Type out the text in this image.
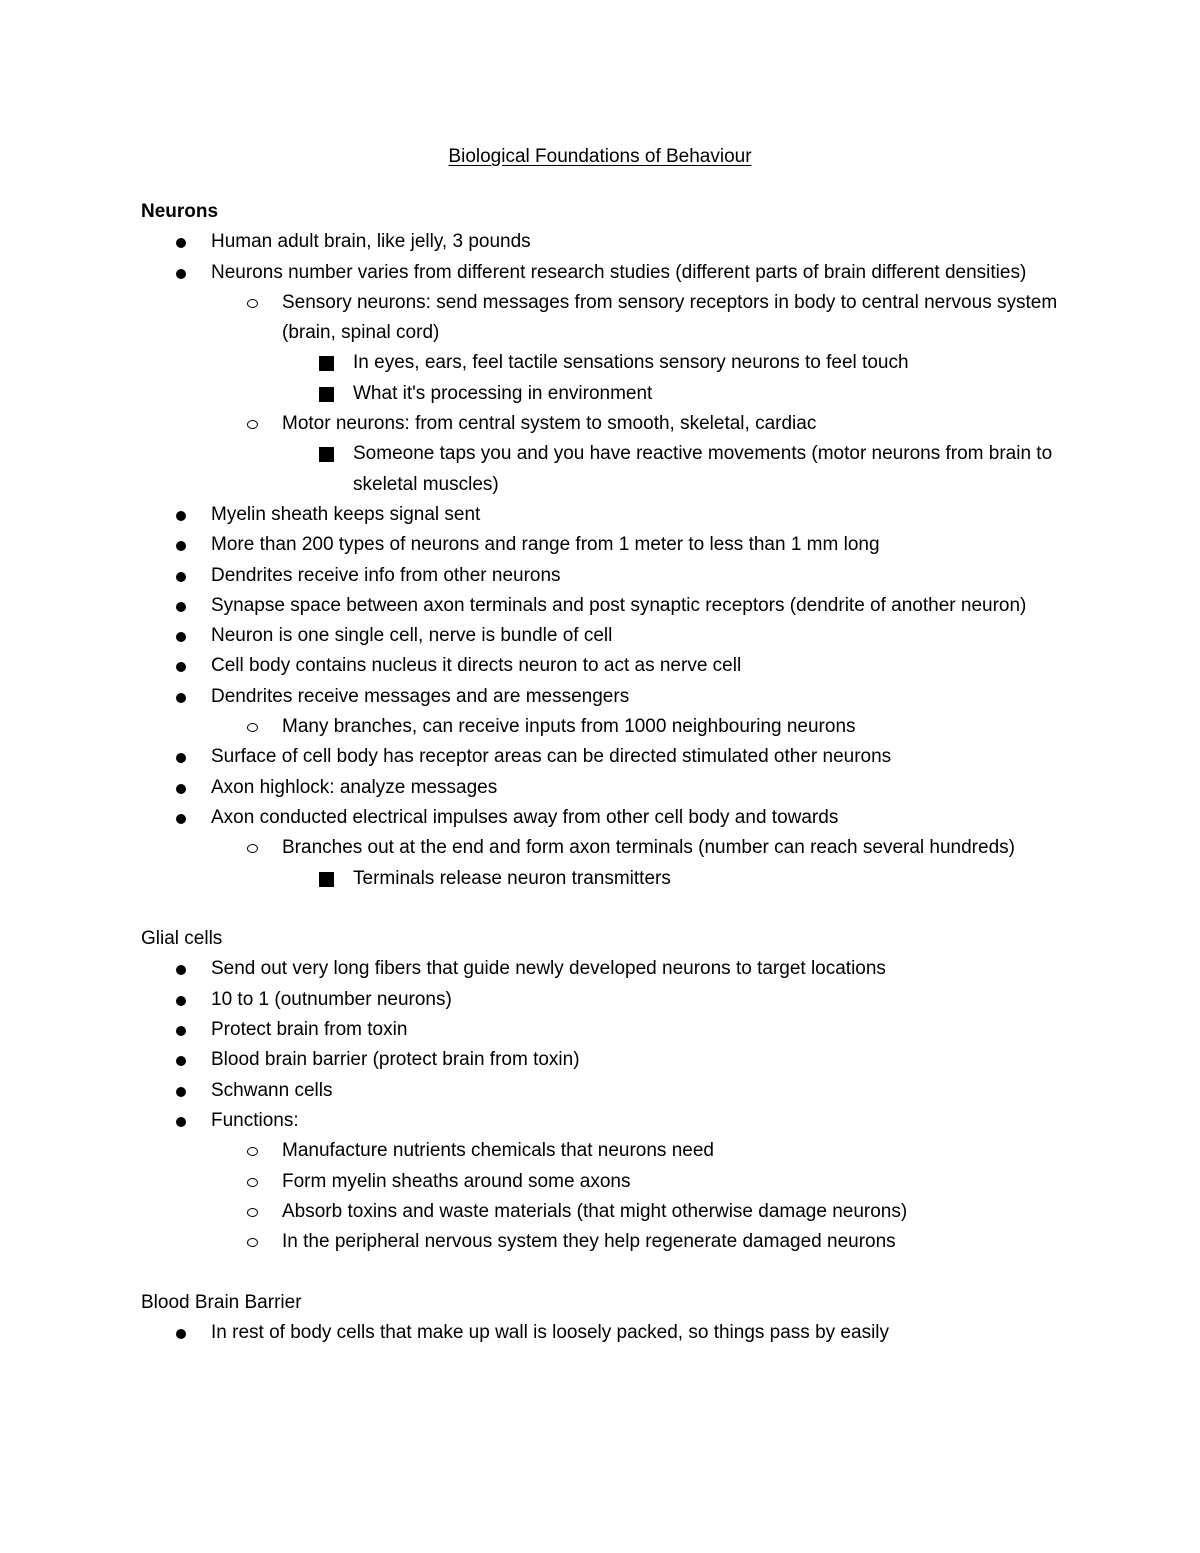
Biological Foundations of Behaviour
Neurons
Human adult brain, like jelly, 3 pounds
Neurons number varies from different research studies (different parts of brain different densities)
Sensory neurons: send messages from sensory receptors in body to central nervous system (brain, spinal cord)
In eyes, ears, feel tactile sensations sensory neurons to feel touch
What it's processing in environment
Motor neurons: from central system to smooth, skeletal, cardiac
Someone taps you and you have reactive movements (motor neurons from brain to skeletal muscles)
Myelin sheath keeps signal sent
More than 200 types of neurons and range from 1 meter to less than 1 mm long
Dendrites receive info from other neurons
Synapse space between axon terminals and post synaptic receptors (dendrite of another neuron)
Neuron is one single cell, nerve is bundle of cell
Cell body contains nucleus it directs neuron to act as nerve cell
Dendrites receive messages and are messengers
Many branches, can receive inputs from 1000 neighbouring neurons
Surface of cell body has receptor areas can be directed stimulated other neurons
Axon highlock: analyze messages
Axon conducted electrical impulses away from other cell body and towards
Branches out at the end and form axon terminals (number can reach several hundreds)
Terminals release neuron transmitters
Glial cells
Send out very long fibers that guide newly developed neurons to target locations
10 to 1 (outnumber neurons)
Protect brain from toxin
Blood brain barrier (protect brain from toxin)
Schwann cells
Functions:
Manufacture nutrients chemicals that neurons need
Form myelin sheaths around some axons
Absorb toxins and waste materials (that might otherwise damage neurons)
In the peripheral nervous system they help regenerate damaged neurons
Blood Brain Barrier
In rest of body cells that make up wall is loosely packed, so things pass by easily
